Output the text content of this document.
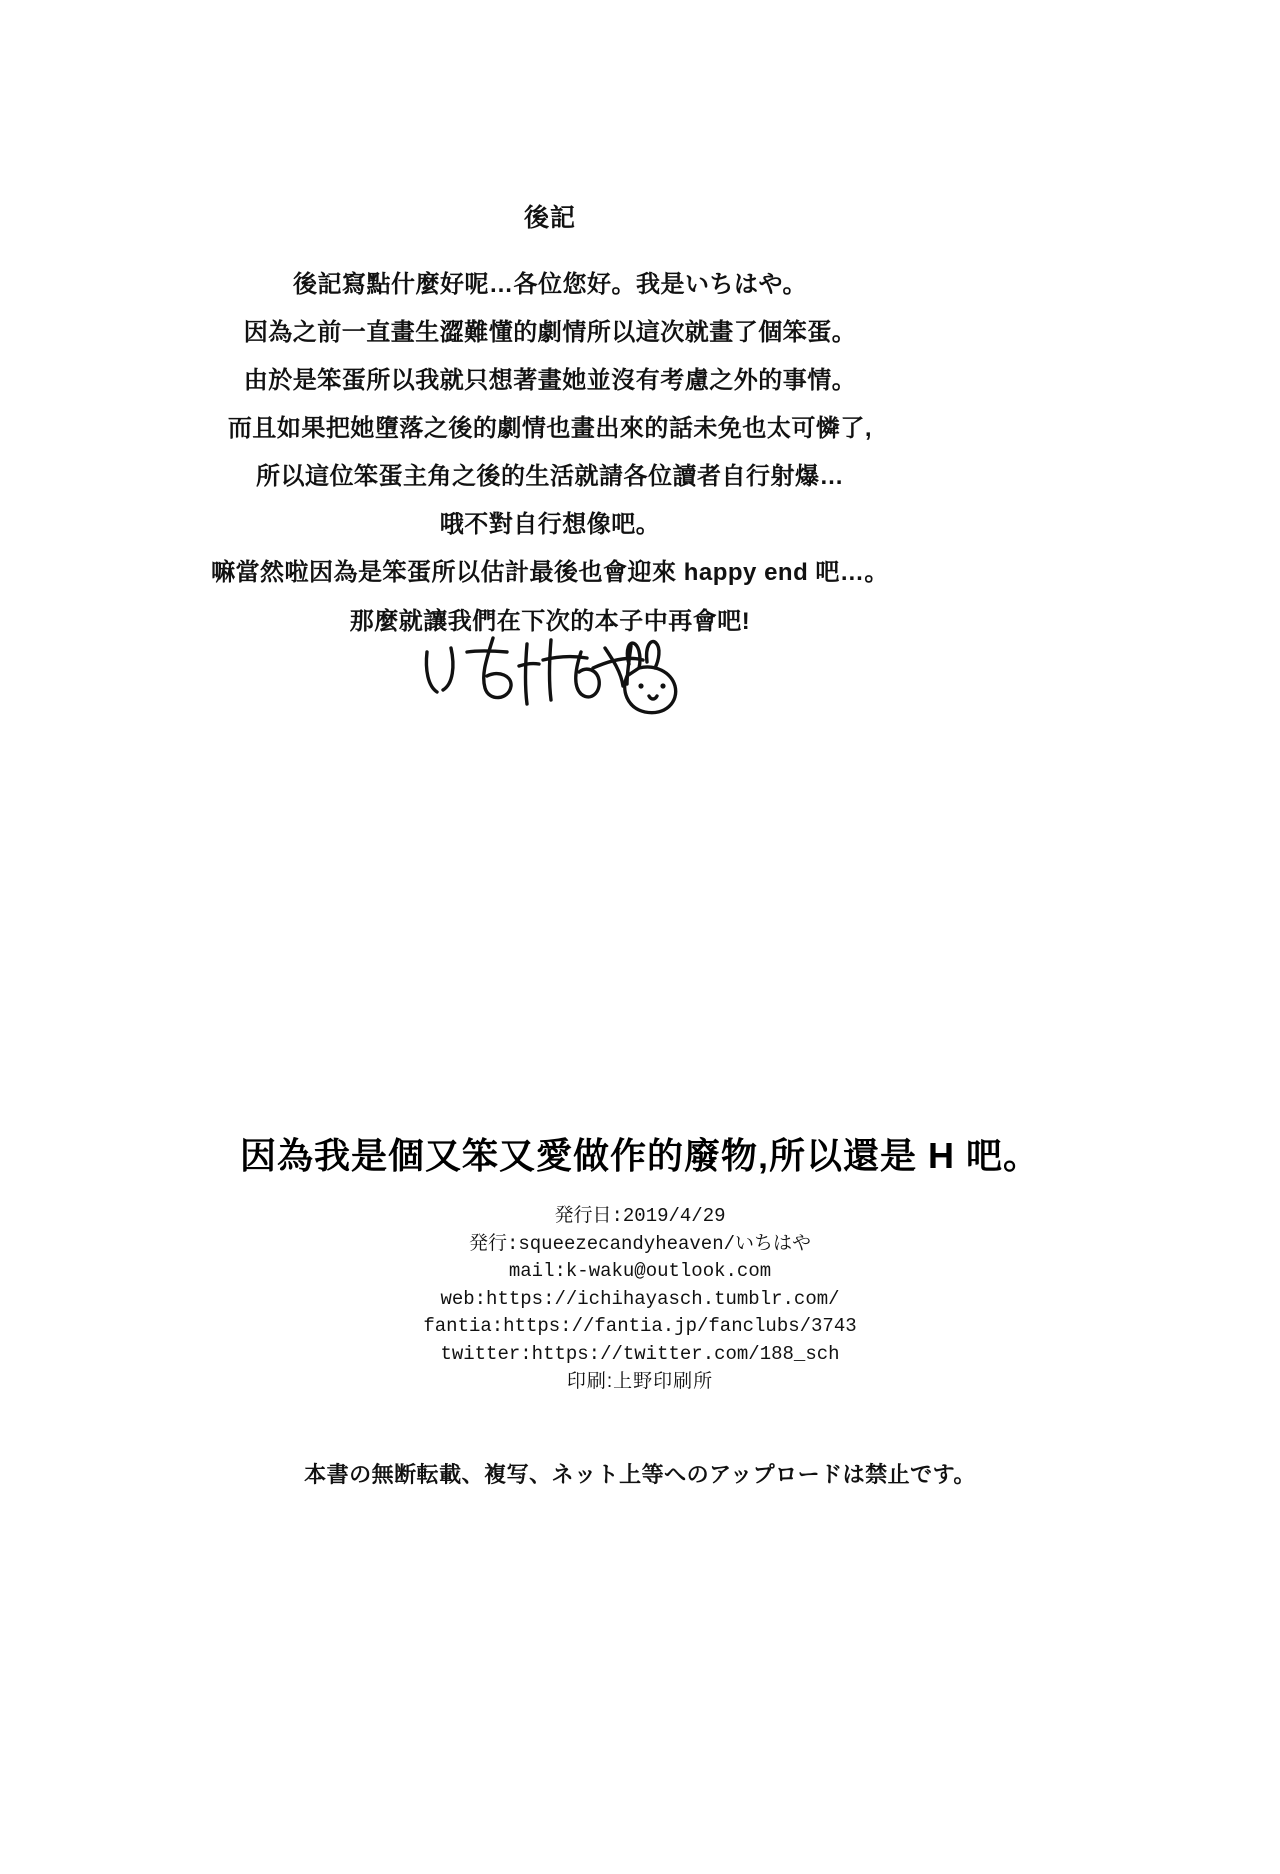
後記

後記寫點什麼好呢…各位您好。我是いちはや。

因為之前一直畫生澀難懂的劇情所以這次就畫了個笨蛋。

由於是笨蛋所以我就只想著畫她並沒有考慮之外的事情。

而且如果把她墮落之後的劇情也畫出來的話未免也太可憐了,

所以這位笨蛋主角之後的生活就請各位讀者自行射爆…

哦不對自行想像吧。

嘛當然啦因為是笨蛋所以估計最後也會迎來 happy end 吧…。

那麼就讓我們在下次的本子中再會吧!

因為我是個又笨又愛做作的廢物‚所以還是 H 吧。
発行日:2019/4/29
発行:squeezecandyheaven/いちはや
mail:k-waku@outlook.com
web:https://ichihayasch.tumblr.com/
fantia:https://fantia.jp/fanclubs/3743
twitter:https://twitter.com/188_sch
印刷:上野印刷所
本書の無断転載、複写、ネット上等へのアップロードは禁止です。
